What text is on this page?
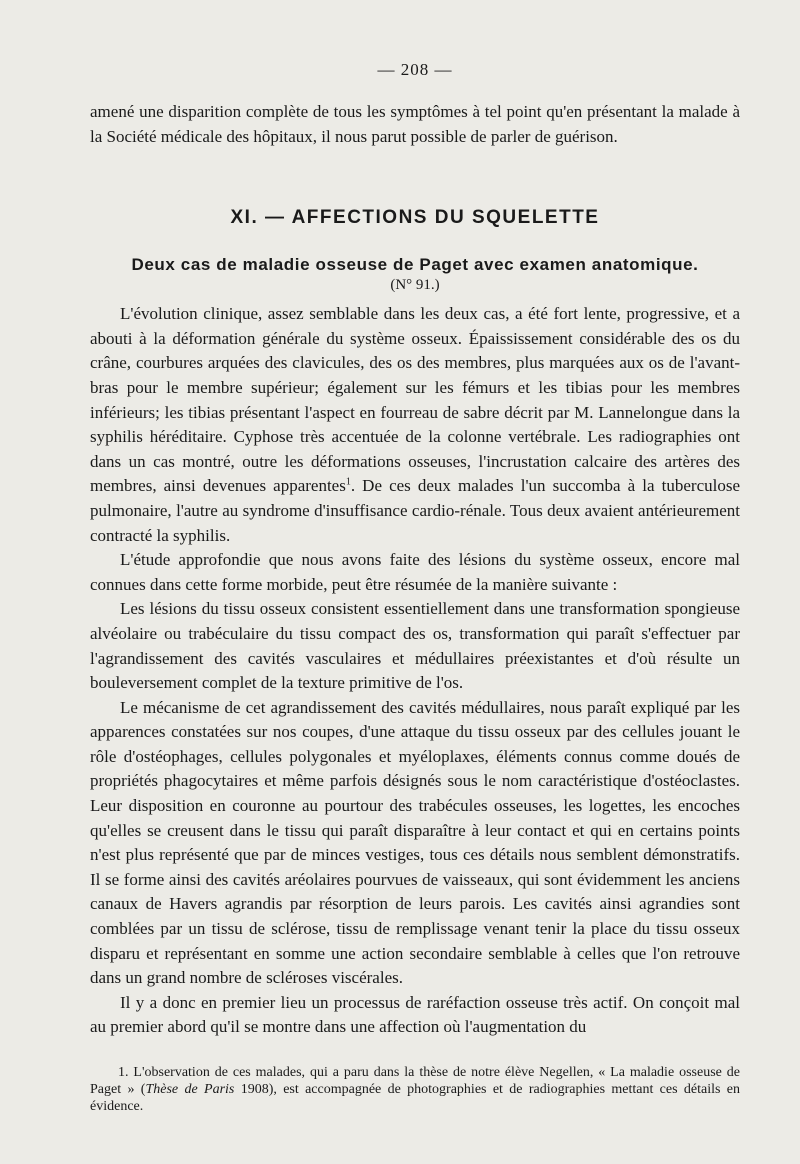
— 208 —

amené une disparition complète de tous les symptômes à tel point qu'en présentant la malade à la Société médicale des hôpitaux, il nous parut possible de parler de guérison.

XI. — AFFECTIONS DU SQUELETTE
Deux cas de maladie osseuse de Paget avec examen anatomique.
(N° 91.)

L'évolution clinique, assez semblable dans les deux cas, a été fort lente, progressive, et a abouti à la déformation générale du système osseux. Épaississement considérable des os du crâne, courbures arquées des clavicules, des os des membres, plus marquées aux os de l'avant-bras pour le membre supérieur; également sur les fémurs et les tibias pour les membres inférieurs; les tibias présentant l'aspect en fourreau de sabre décrit par M. Lannelongue dans la syphilis héréditaire. Cyphose très accentuée de la colonne vertébrale. Les radiographies ont dans un cas montré, outre les déformations osseuses, l'incrustation calcaire des artères des membres, ainsi devenues apparentes$^1$. De ces deux malades l'un succomba à la tuberculose pulmonaire, l'autre au syndrome d'insuffisance cardio-rénale. Tous deux avaient antérieurement contracté la syphilis.

L'étude approfondie que nous avons faite des lésions du système osseux, encore mal connues dans cette forme morbide, peut être résumée de la manière suivante :

Les lésions du tissu osseux consistent essentiellement dans une transformation spongieuse alvéolaire ou trabéculaire du tissu compact des os, transformation qui paraît s'effectuer par l'agrandissement des cavités vasculaires et médullaires préexistantes et d'où résulte un bouleversement complet de la texture primitive de l'os.

Le mécanisme de cet agrandissement des cavités médullaires, nous paraît expliqué par les apparences constatées sur nos coupes, d'une attaque du tissu osseux par des cellules jouant le rôle d'ostéophages, cellules polygonales et myéloplaxes, éléments connus comme doués de propriétés phagocytaires et même parfois désignés sous le nom caractéristique d'ostéoclastes. Leur disposition en couronne au pourtour des trabécules osseuses, les logettes, les encoches qu'elles se creusent dans le tissu qui paraît disparaître à leur contact et qui en certains points n'est plus représenté que par de minces vestiges, tous ces détails nous semblent démonstratifs. Il se forme ainsi des cavités aréolaires pourvues de vaisseaux, qui sont évidemment les anciens canaux de Havers agrandis par résorption de leurs parois. Les cavités ainsi agrandies sont comblées par un tissu de sclérose, tissu de remplissage venant tenir la place du tissu osseux disparu et représentant en somme une action secondaire semblable à celles que l'on retrouve dans un grand nombre de scléroses viscérales.

Il y a donc en premier lieu un processus de raréfaction osseuse très actif. On conçoit mal au premier abord qu'il se montre dans une affection où l'augmentation du

1. L'observation de ces malades, qui a paru dans la thèse de notre élève Negellen, « La maladie osseuse de Paget » (Thèse de Paris 1908), est accompagnée de photographies et de radiographies mettant ces détails en évidence.
